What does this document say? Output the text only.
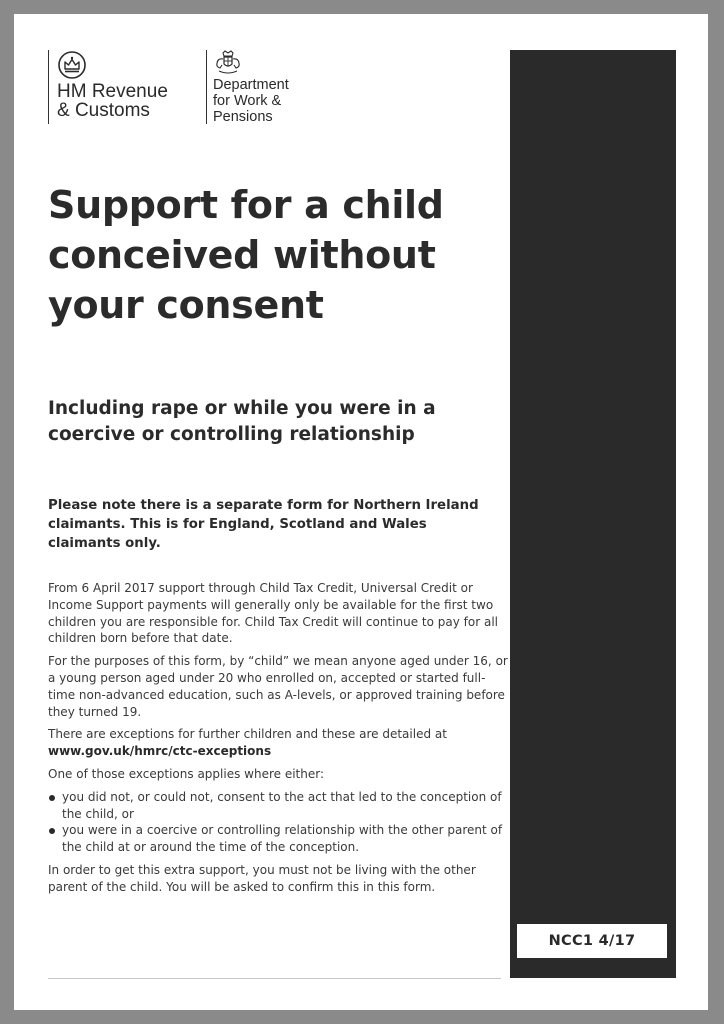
HM Revenue
& Customs
Department
for Work &
Pensions
Support for a child conceived without your consent
Including rape or while you were in a coercive or controlling relationship

Please note there is a separate form for Northern Ireland claimants. This is for England, Scotland and Wales claimants only.

From 6 April 2017 support through Child Tax Credit, Universal Credit or Income Support payments will generally only be available for the first two children you are responsible for. Child Tax Credit will continue to pay for all children born before that date.

For the purposes of this form, by “child” we mean anyone aged under 16, or a young person aged under 20 who enrolled on, accepted or started full-time non-advanced education, such as A-levels, or approved training before they turned 19.

There are exceptions for further children and these are detailed at

www.gov.uk/hmrc/ctc-exceptions

One of those exceptions applies where either:

you did not, or could not, consent to the act that led to the conception of the child, or
you were in a coercive or controlling relationship with the other parent of the child at or around the time of the conception.

In order to get this extra support, you must not be living with the other parent of the child. You will be asked to confirm this in this form.

NCC1 4/17
